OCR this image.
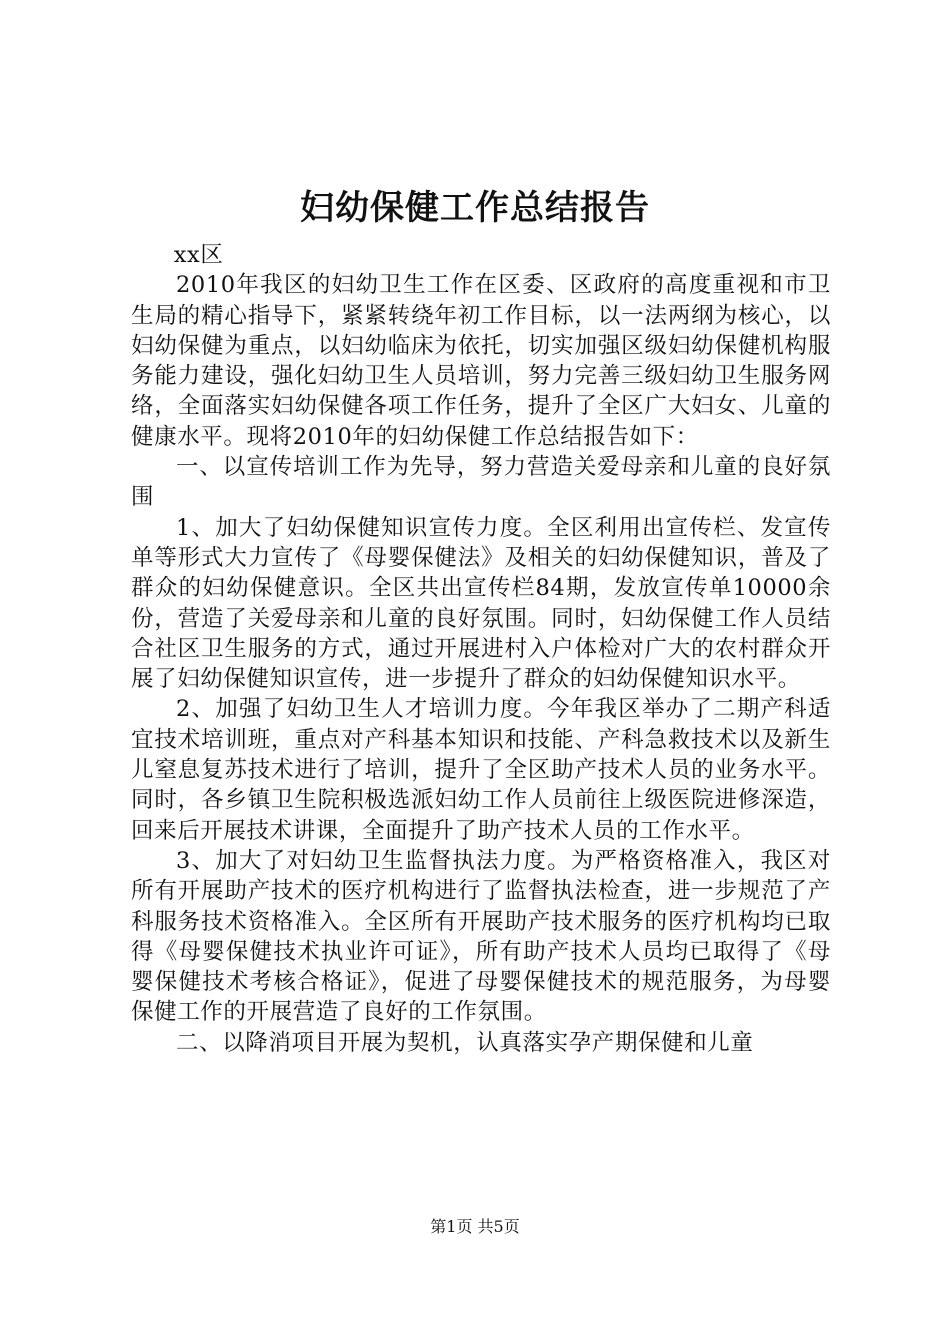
妇幼保健工作总结报告

xx区

2010年我区的妇幼卫生工作在区委、区政府的高度重视和市卫生局的精心指导下，紧紧转绕年初工作目标，以一法两纲为核心，以妇幼保健为重点，以妇幼临床为依托，切实加强区级妇幼保健机构服务能力建设，强化妇幼卫生人员培训，努力完善三级妇幼卫生服务网络，全面落实妇幼保健各项工作任务，提升了全区广大妇女、儿童的健康水平。现将2010年的妇幼保健工作总结报告如下：

一、以宣传培训工作为先导，努力营造关爱母亲和儿童的良好氛围

1、加大了妇幼保健知识宣传力度。全区利用出宣传栏、发宣传单等形式大力宣传了《母婴保健法》及相关的妇幼保健知识，普及了群众的妇幼保健意识。全区共出宣传栏84期，发放宣传单10000余份，营造了关爱母亲和儿童的良好氛围。同时，妇幼保健工作人员结合社区卫生服务的方式，通过开展进村入户体检对广大的农村群众开展了妇幼保健知识宣传，进一步提升了群众的妇幼保健知识水平。

2、加强了妇幼卫生人才培训力度。今年我区举办了二期产科适宜技术培训班，重点对产科基本知识和技能、产科急救技术以及新生儿窒息复苏技术进行了培训，提升了全区助产技术人员的业务水平。同时，各乡镇卫生院积极选派妇幼工作人员前往上级医院进修深造，回来后开展技术讲课，全面提升了助产技术人员的工作水平。

3、加大了对妇幼卫生监督执法力度。为严格资格准入，我区对所有开展助产技术的医疗机构进行了监督执法检查，进一步规范了产科服务技术资格准入。全区所有开展助产技术服务的医疗机构均已取得《母婴保健技术执业许可证》，所有助产技术人员均已取得了《母婴保健技术考核合格证》，促进了母婴保健技术的规范服务，为母婴保健工作的开展营造了良好的工作氛围。

二、以降消项目开展为契机，认真落实孕产期保健和儿童

第1页 共5页
